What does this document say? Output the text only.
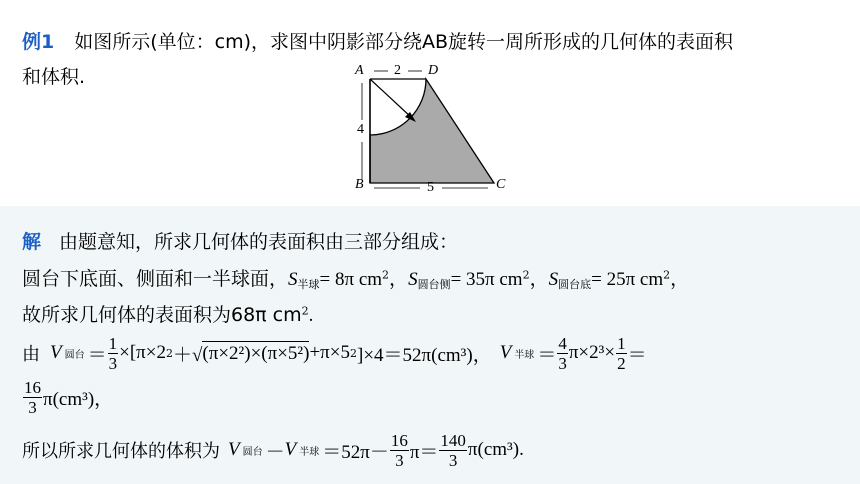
例1 如图所示(单位：cm)，求图中阴影部分绕AB旋转一周所形成的几何体的表面积
和体积.	A	D
B	C
2
4
5
解 由题意知，所求几何体的表面积由三部分组成：
圆台下底面、侧面和一半球面，$S_{半球}= 8\pi$ $cm^2$，$S_{圆台侧}= 35\pi$ $cm^2$，$S_{圆台底}= 25\pi$ $cm^2$，
故所求几何体的表面积为68π $cm^2$.
由 V 圆台 ＝ $\frac{1}{3} \times [\pi\times 2$ 2 ＋√ (π×2²)×(π×5²) +π×5 2 ]×4＝52π(cm³)， V 半球 ＝ $\frac{4}{3} \pi\times 2^3\times \frac{1}{2}$ ＝
$\frac{16}{3} \pi(cm^3)$，
所以所求几何体的体积为 V 圆台 － V 半球 $=52\pi- \frac{16}{3} \pi= \frac{140}{3} \pi(cm^3)$.
